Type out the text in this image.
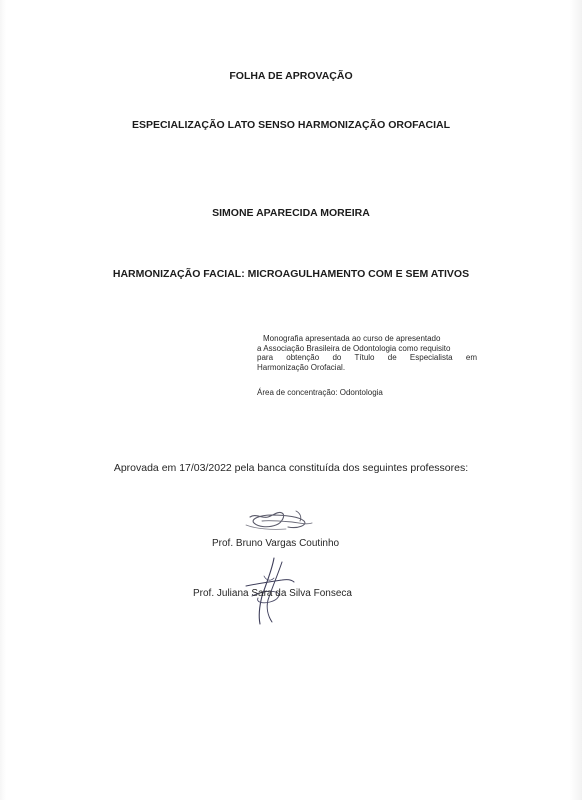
FOLHA DE APROVAÇÃO
ESPECIALIZAÇÃO LATO SENSO HARMONIZAÇÃO OROFACIAL
SIMONE APARECIDA MOREIRA
HARMONIZAÇÃO FACIAL: MICROAGULHAMENTO COM E SEM ATIVOS
Monografia apresentada ao curso de apresentado
a Associação Brasileira de Odontologia como requisito
para obtenção do Título de Especialista em
Harmonização Orofacial.
Área de concentração: Odontologia
Aprovada em 17/03/2022 pela banca constituída dos seguintes professores:
Prof. Bruno Vargas Coutinho
Prof. Juliana Sara da Silva Fonseca
